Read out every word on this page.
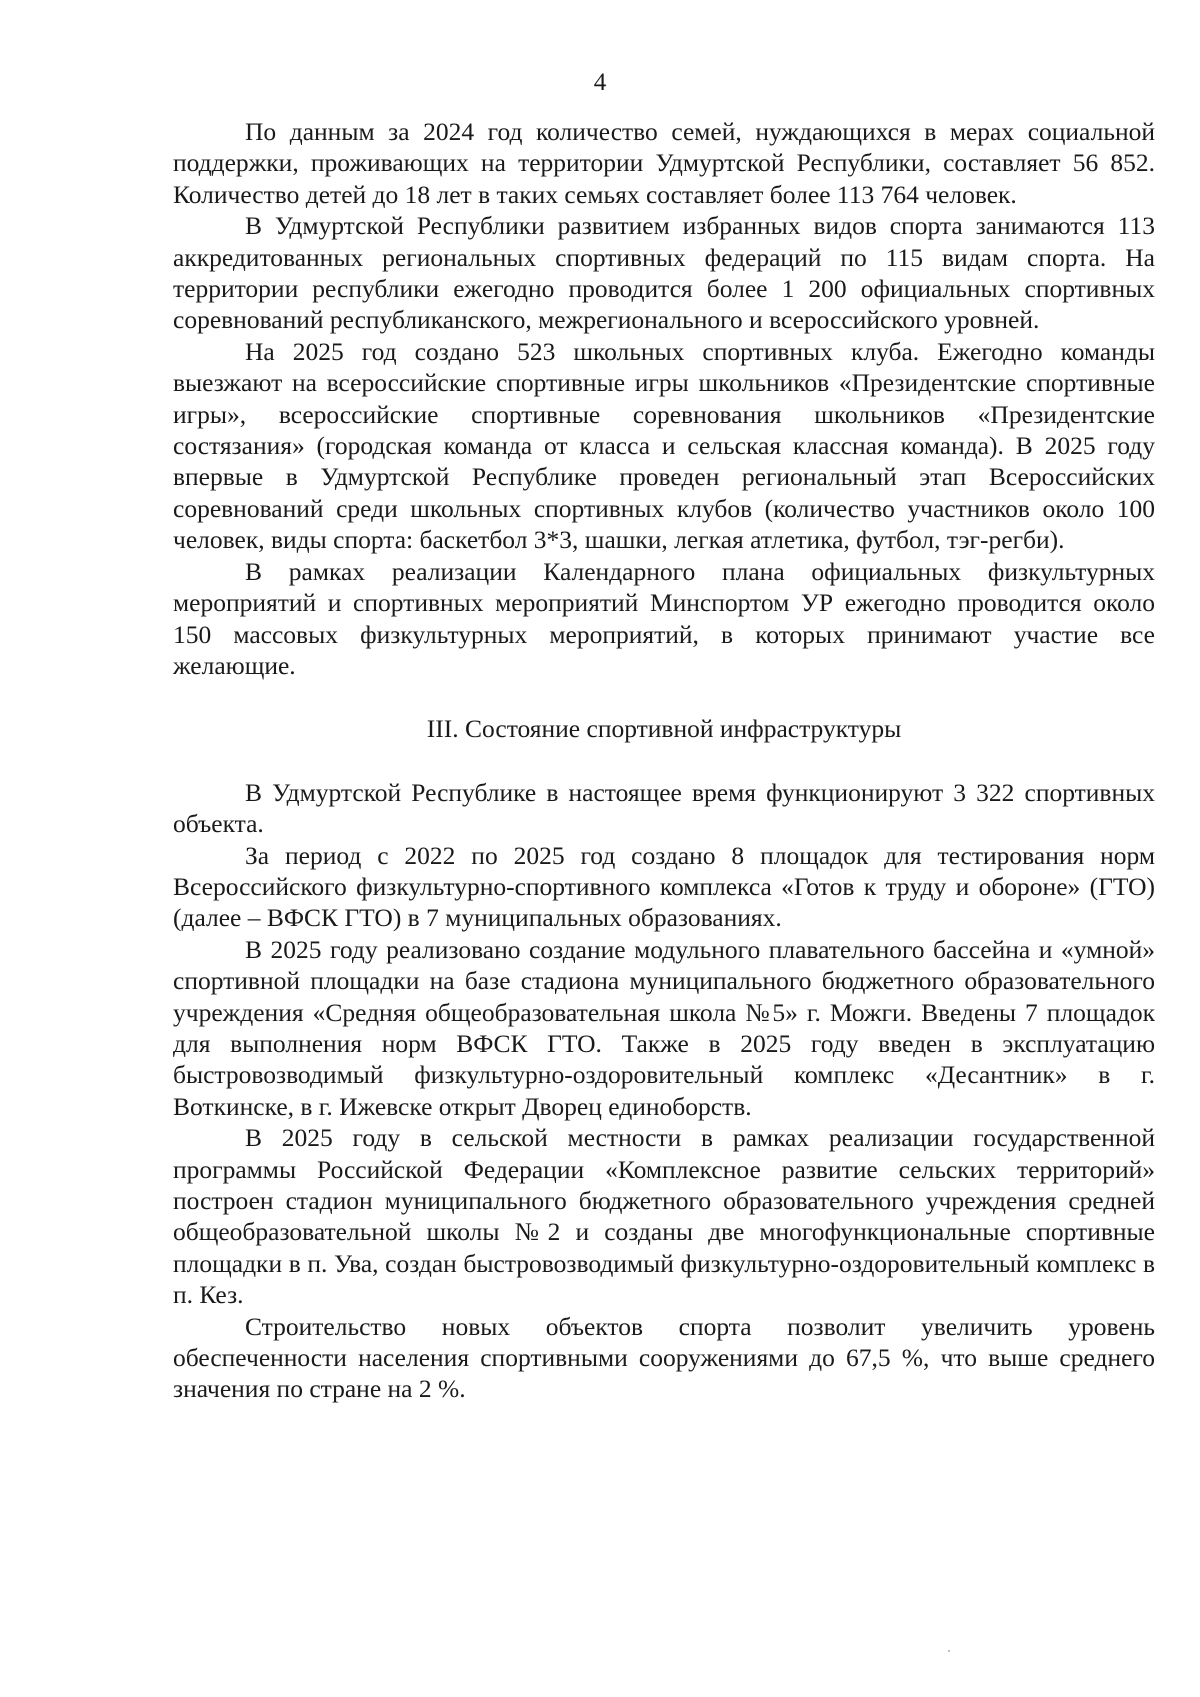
4

По данным за 2024 год количество семей, нуждающихся в мерах социальной поддержки, проживающих на территории Удмуртской Республики, составляет 56 852. Количество детей до 18 лет в таких семьях составляет более 113 764 человек.

В Удмуртской Республики развитием избранных видов спорта занимаются 113 аккредитованных региональных спортивных федераций по 115 видам спорта. На территории республики ежегодно проводится более 1 200 официальных спортивных соревнований республиканского, межрегионального и всероссийского уровней.

На 2025 год создано 523 школьных спортивных клуба. Ежегодно команды выезжают на всероссийские спортивные игры школьников «Президентские спортивные игры», всероссийские спортивные соревнования школьников «Президентские состязания» (городская команда от класса и сельская классная команда). В 2025 году впервые в Удмуртской Республике проведен региональный этап Всероссийских соревнований среди школьных спортивных клубов (количество участников около 100 человек, виды спорта: баскетбол 3*3, шашки, легкая атлетика, футбол, тэг-регби).

В рамках реализации Календарного плана официальных физкультурных мероприятий и спортивных мероприятий Минспортом УР ежегодно проводится около 150 массовых физкультурных мероприятий, в которых принимают участие все желающие.

III. Состояние спортивной инфраструктуры

В Удмуртской Республике в настоящее время функционируют 3 322 спортивных объекта.

За период с 2022 по 2025 год создано 8 площадок для тестирования норм Всероссийского физкультурно-спортивного комплекса «Готов к труду и обороне» (ГТО) (далее – ВФСК ГТО) в 7 муниципальных образованиях.

В 2025 году реализовано создание модульного плавательного бассейна и «умной» спортивной площадки на базе стадиона муниципального бюджетного образовательного учреждения «Средняя общеобразовательная школа №5» г. Можги. Введены 7 площадок для выполнения норм ВФСК ГТО. Также в 2025 году введен в эксплуатацию быстровозводимый физкультурно-оздоровительный комплекс «Десантник» в г. Воткинске, в г. Ижевске открыт Дворец единоборств.

В 2025 году в сельской местности в рамках реализации государственной программы Российской Федерации «Комплексное развитие сельских территорий» построен стадион муниципального бюджетного образовательного учреждения средней общеобразовательной школы №2 и созданы две многофункциональные спортивные площадки в п. Ува, создан быстровозводимый физкультурно-оздоровительный комплекс в п. Кез.

Строительство новых объектов спорта позволит увеличить уровень обеспеченности населения спортивными сооружениями до 67,5 %, что выше среднего значения по стране на 2 %.
